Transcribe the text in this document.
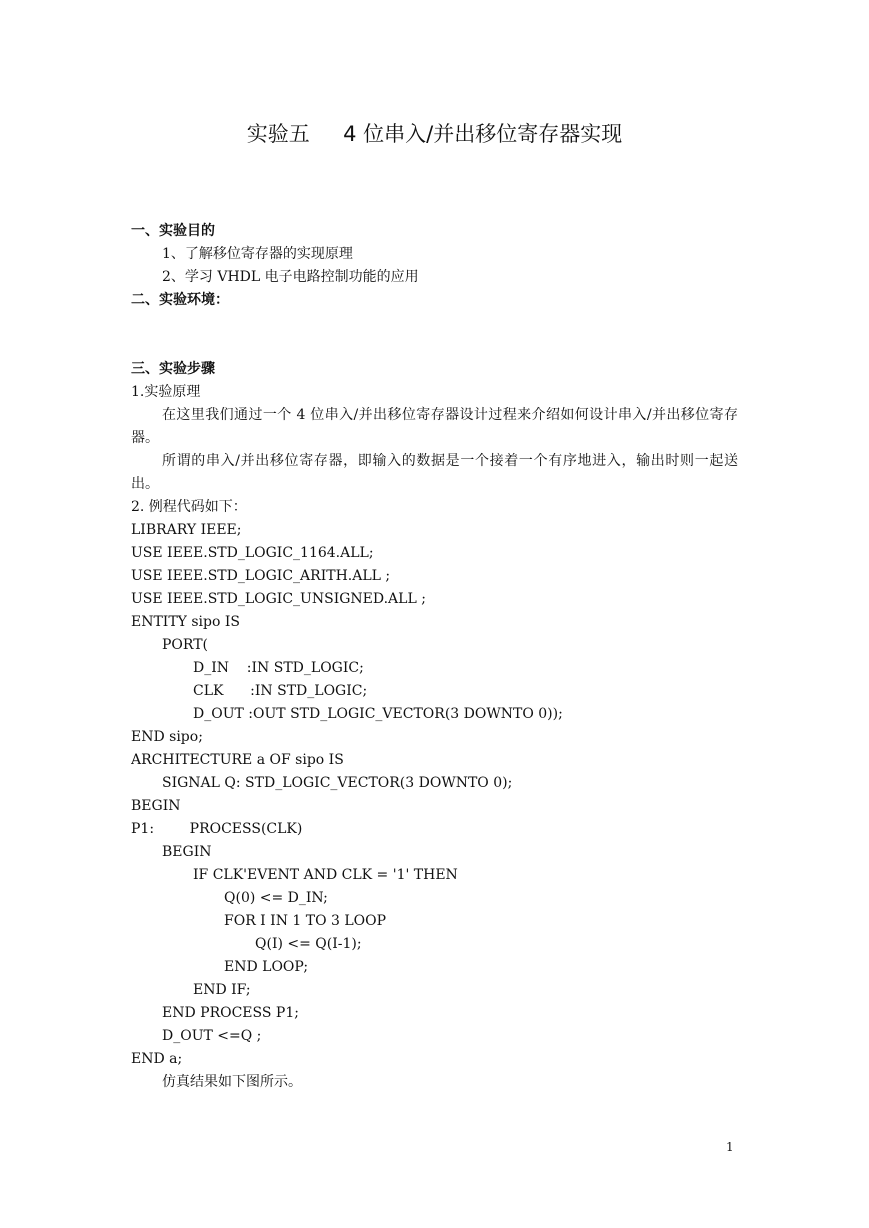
实验五     4 位串入/并出移位寄存器实现
一、实验目的
1、了解移位寄存器的实现原理
2、学习 VHDL 电子电路控制功能的应用
二、实验环境：
三、实验步骤
1.实验原理
在这里我们通过一个 4 位串入/并出移位寄存器设计过程来介绍如何设计串入/并出移位寄存器。
所谓的串入/并出移位寄存器，即输入的数据是一个接着一个有序地进入，输出时则一起送出。
2. 例程代码如下：
LIBRARY IEEE;
USE IEEE.STD_LOGIC_1164.ALL;
USE IEEE.STD_LOGIC_ARITH.ALL ;
USE IEEE.STD_LOGIC_UNSIGNED.ALL ;
ENTITY sipo IS
PORT(
D_IN    :IN STD_LOGIC;
CLK      :IN STD_LOGIC;
D_OUT :OUT STD_LOGIC_VECTOR(3 DOWNTO 0));
END sipo;
ARCHITECTURE a OF sipo IS
SIGNAL Q: STD_LOGIC_VECTOR(3 DOWNTO 0);
BEGIN
P1:        PROCESS(CLK)
BEGIN
IF CLK'EVENT AND CLK = '1' THEN
Q(0) <= D_IN;
FOR I IN 1 TO 3 LOOP
Q(I) <= Q(I-1);
END LOOP;
END IF;
END PROCESS P1;
D_OUT <=Q ;
END a;
仿真结果如下图所示。
1
